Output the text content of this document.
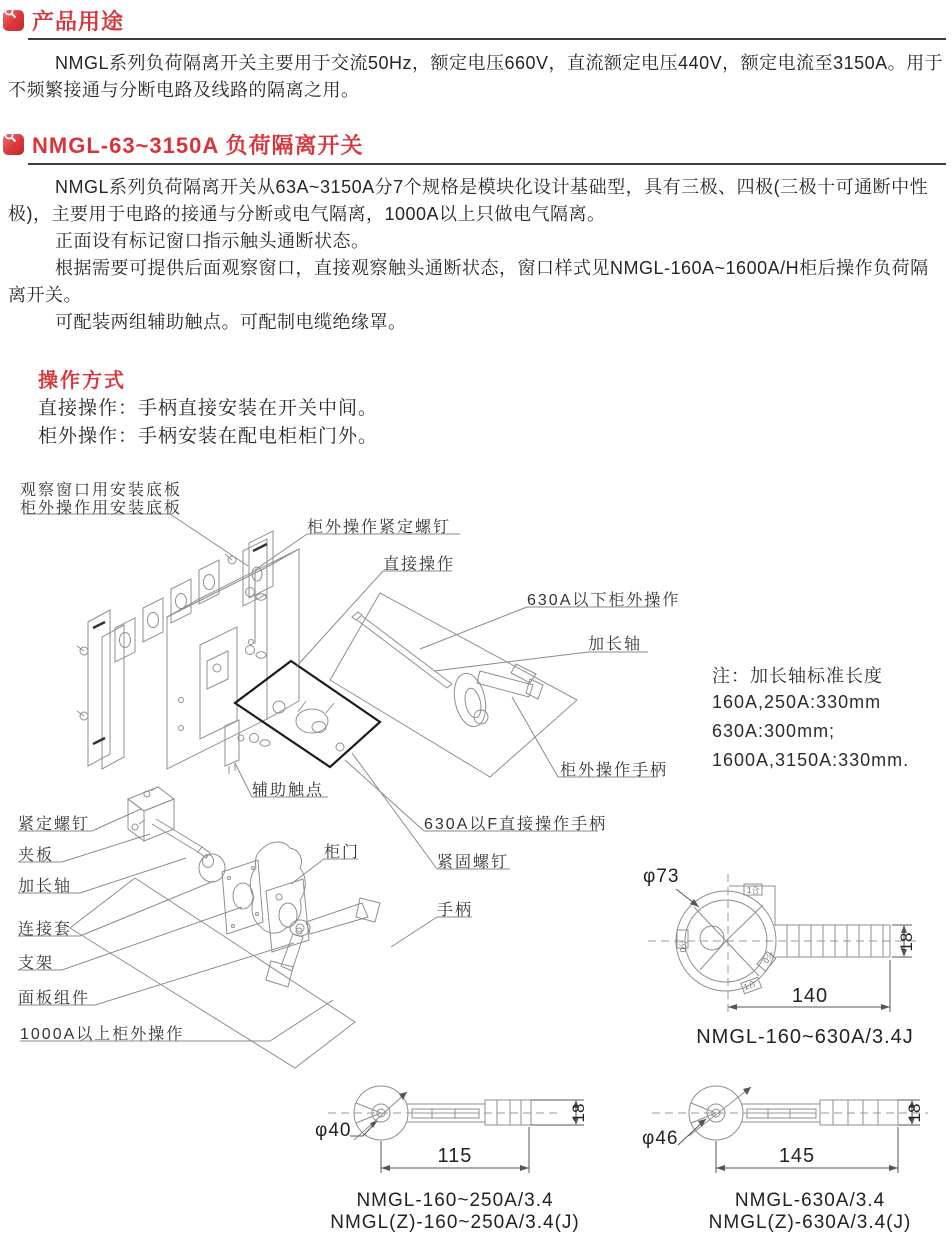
1合
0分
0分
1合
产品用途

NMGL系列负荷隔离开关主要用于交流50Hz，额定电压660V，直流额定电压440V，额定电流至3150A。用于不频繁接通与分断电路及线路的隔离之用。

NMGL-63~3150A 负荷隔离开关

NMGL系列负荷隔离开关从63A~3150A分7个规格是模块化设计基础型，具有三极、四极(三极十可通断中性极)，主要用于电路的接通与分断或电气隔离，1000A以上只做电气隔离。

正面设有标记窗口指示触头通断状态。

根据需要可提供后面观察窗口，直接观察触头通断状态，窗口样式见NMGL-160A~1600A/H柜后操作负荷隔离开关。

可配装两组辅助触点。可配制电缆绝缘罩。

操作方式
直接操作：手柄直接安装在开关中间。
柜外操作：手柄安装在配电柜柜门外。
观察窗口用安装底板
柜外操作用安装底板
柜外操作紧定螺钉
直接操作
630A以下柜外操作
加长轴
柜外操作手柄
辅助触点
630A以F直接操作手柄
紧固螺钉
柜门
手柄
紧定螺钉
夹板
加长轴
连接套
支架
面板组件
1000A以上柜外操作
注：加长轴标准长度
160A,250A:330mm
630A:300mm;
1600A,3150A:330mm.
φ73
140
18
NMGL-160~630A/3.4J
φ40
115
18
NMGL-160~250A/3.4
NMGL(Z)-160~250A/3.4(J)
φ46
145
18
NMGL-630A/3.4
NMGL(Z)-630A/3.4(J)
